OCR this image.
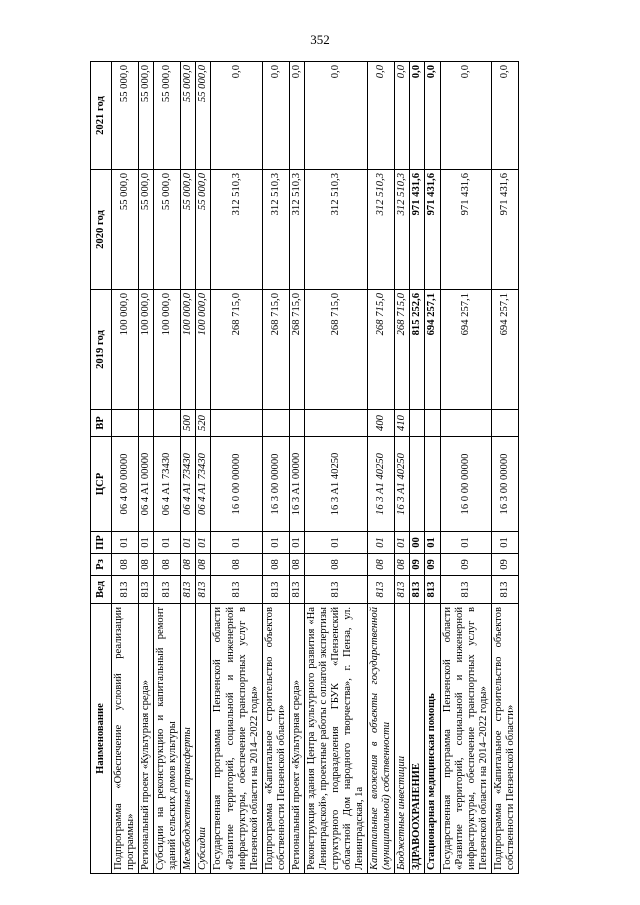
352
Наименование	Вед	Рз	ПР	ЦСР	ВР	2019 год	2020 год	2021 год
Подпрограмма «Обеспечение условий реализации программы»	813	08	01	06 4 00 00000		100 000,0	55 000,0	55 000,0
Региональный проект «Культурная среда»	813	08	01	06 4 A1 00000		100 000,0	55 000,0	55 000,0
Субсидии на реконструкцию и капитальный ремонт зданий сельских домов культуры	813	08	01	06 4 A1 73430		100 000,0	55 000,0	55 000,0
Межбюджетные трансферты	813	08	01	06 4 A1 73430	500	100 000,0	55 000,0	55 000,0
Субсидии	813	08	01	06 4 A1 73430	520	100 000,0	55 000,0	55 000,0
Государственная программа Пензенской области «Развитие территорий, социальной и инженерной инфраструктуры, обеспечение транспортных услуг в Пензенской области на 2014–2022 годы»	813	08	01	16 0 00 00000		268 715,0	312 510,3	0,0
Подпрограмма «Капитальное строительство объектов собственности Пензенской области»	813	08	01	16 3 00 00000		268 715,0	312 510,3	0,0
Региональный проект «Культурная среда»	813	08	01	16 3 A1 00000		268 715,0	312 510,3	0,0
Реконструкция здания Центра культурного развития «На Ленинградской», проектные работы с оплатой экспертизы структурного подразделения ГБУК «Пензенский областной Дом народного творчества», г. Пенза, ул. Ленинградская, 1а	813	08	01	16 3 A1 40250		268 715,0	312 510,3	0,0
Капитальные вложения в объекты государственной (муниципальной) собственности	813	08	01	16 3 A1 40250	400	268 715,0	312 510,3	0,0
Бюджетные инвестиции	813	08	01	16 3 A1 40250	410	268 715,0	312 510,3	0,0
ЗДРАВООХРАНЕНИЕ	813	09	00			815 252,6	971 431,6	0,0
Стационарная медицинская помощь	813	09	01			694 257,1	971 431,6	0,0
Государственная программа Пензенской области «Развитие территорий, социальной и инженерной инфраструктуры, обеспечение транспортных услуг в Пензенской области на 2014–2022 годы»	813	09	01	16 0 00 00000		694 257,1	971 431,6	0,0
Подпрограмма «Капитальное строительство объектов собственности Пензенской области»	813	09	01	16 3 00 00000		694 257,1	971 431,6	0,0
